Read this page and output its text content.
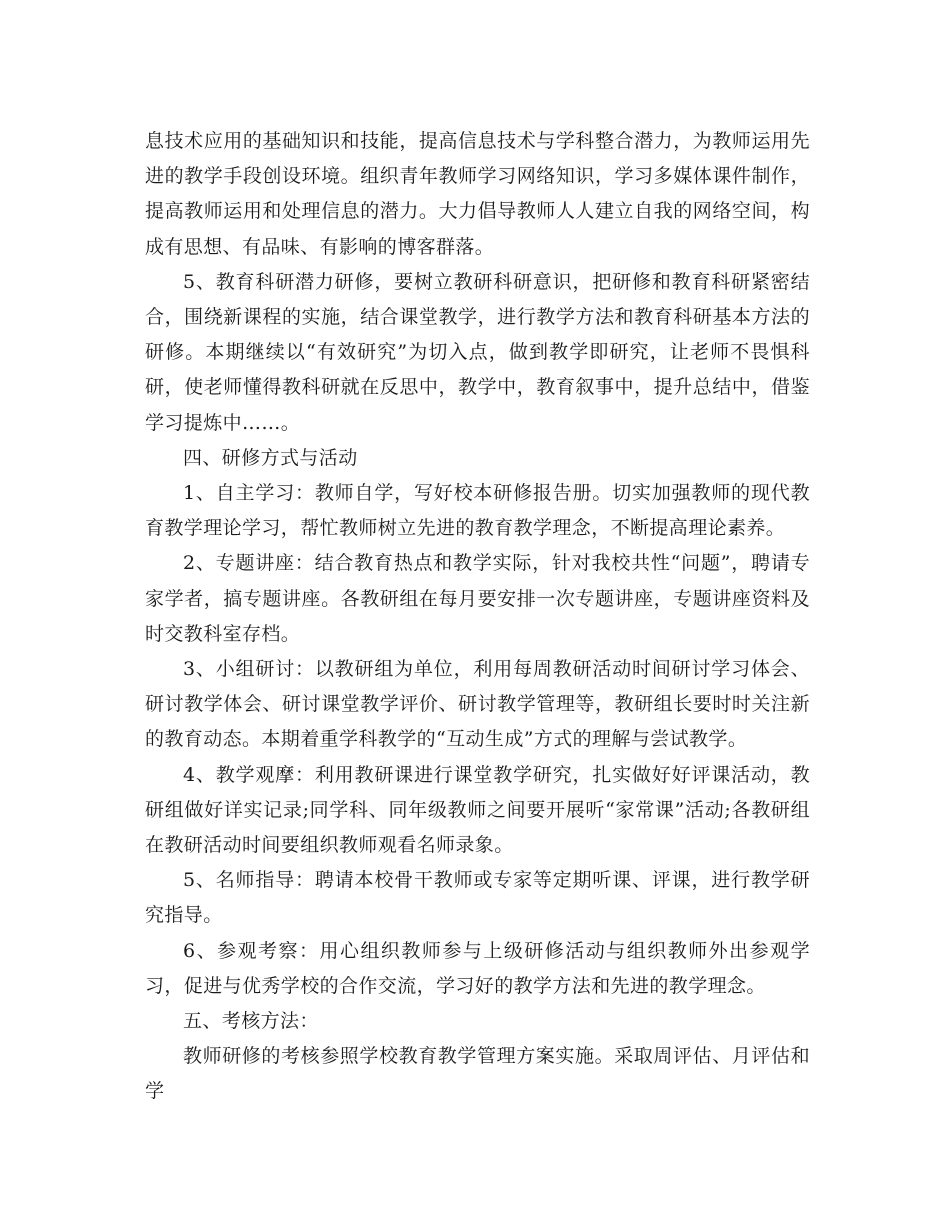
息技术应用的基础知识和技能，提高信息技术与学科整合潜力，为教师运用先进的教学手段创设环境。组织青年教师学习网络知识，学习多媒体课件制作，提高教师运用和处理信息的潜力。大力倡导教师人人建立自我的网络空间，构成有思想、有品味、有影响的博客群落。

5、教育科研潜力研修，要树立教研科研意识，把研修和教育科研紧密结合，围绕新课程的实施，结合课堂教学，进行教学方法和教育科研基本方法的研修。本期继续以“有效研究”为切入点，做到教学即研究，让老师不畏惧科研，使老师懂得教科研就在反思中，教学中，教育叙事中，提升总结中，借鉴学习提炼中……。

四、研修方式与活动

1、自主学习：教师自学，写好校本研修报告册。切实加强教师的现代教育教学理论学习，帮忙教师树立先进的教育教学理念，不断提高理论素养。

2、专题讲座：结合教育热点和教学实际，针对我校共性“问题”，聘请专家学者，搞专题讲座。各教研组在每月要安排一次专题讲座，专题讲座资料及时交教科室存档。

3、小组研讨：以教研组为单位，利用每周教研活动时间研讨学习体会、研讨教学体会、研讨课堂教学评价、研讨教学管理等，教研组长要时时关注新的教育动态。本期着重学科教学的“互动生成”方式的理解与尝试教学。

4、教学观摩：利用教研课进行课堂教学研究，扎实做好好评课活动，教研组做好详实记录;同学科、同年级教师之间要开展听“家常课”活动;各教研组在教研活动时间要组织教师观看名师录象。

5、名师指导：聘请本校骨干教师或专家等定期听课、评课，进行教学研究指导。

6、参观考察：用心组织教师参与上级研修活动与组织教师外出参观学习，促进与优秀学校的合作交流，学习好的教学方法和先进的教学理念。

五、考核方法：

教师研修的考核参照学校教育教学管理方案实施。采取周评估、月评估和学
